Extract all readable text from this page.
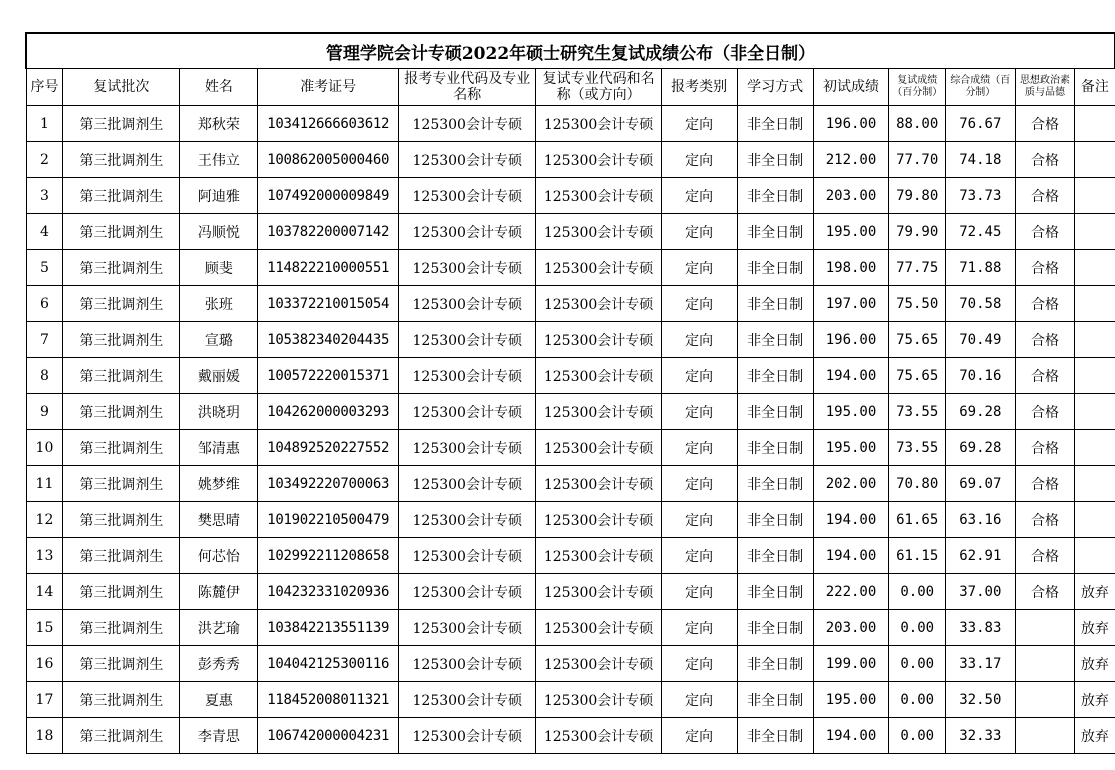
管理学院会计专硕2022年硕士研究生复试成绩公布（非全日制）												
序号	复试批次	姓名	准考证号	报考专业代码及专业名称	复试专业代码和名称（或方向）	报考类别	学习方式	初试成绩	复试成绩（百分制）	综合成绩（百分制）	思想政治素质与品德	备注
1	第三批调剂生	郑秋荣	103412666603612	125300会计专硕	125300会计专硕	定向	非全日制	196.00	88.00	76.67	合格	
2	第三批调剂生	王伟立	100862005000460	125300会计专硕	125300会计专硕	定向	非全日制	212.00	77.70	74.18	合格	
3	第三批调剂生	阿迪雅	107492000009849	125300会计专硕	125300会计专硕	定向	非全日制	203.00	79.80	73.73	合格	
4	第三批调剂生	冯顺悦	103782200007142	125300会计专硕	125300会计专硕	定向	非全日制	195.00	79.90	72.45	合格	
5	第三批调剂生	顾斐	114822210000551	125300会计专硕	125300会计专硕	定向	非全日制	198.00	77.75	71.88	合格	
6	第三批调剂生	张班	103372210015054	125300会计专硕	125300会计专硕	定向	非全日制	197.00	75.50	70.58	合格	
7	第三批调剂生	宣璐	105382340204435	125300会计专硕	125300会计专硕	定向	非全日制	196.00	75.65	70.49	合格	
8	第三批调剂生	戴丽媛	100572220015371	125300会计专硕	125300会计专硕	定向	非全日制	194.00	75.65	70.16	合格	
9	第三批调剂生	洪晓玥	104262000003293	125300会计专硕	125300会计专硕	定向	非全日制	195.00	73.55	69.28	合格	
10	第三批调剂生	邹清惠	104892520227552	125300会计专硕	125300会计专硕	定向	非全日制	195.00	73.55	69.28	合格	
11	第三批调剂生	姚梦维	103492220700063	125300会计专硕	125300会计专硕	定向	非全日制	202.00	70.80	69.07	合格	
12	第三批调剂生	樊思晴	101902210500479	125300会计专硕	125300会计专硕	定向	非全日制	194.00	61.65	63.16	合格	
13	第三批调剂生	何芯怡	102992211208658	125300会计专硕	125300会计专硕	定向	非全日制	194.00	61.15	62.91	合格	
14	第三批调剂生	陈麓伊	104232331020936	125300会计专硕	125300会计专硕	定向	非全日制	222.00	0.00	37.00	合格	放弃
15	第三批调剂生	洪艺瑜	103842213551139	125300会计专硕	125300会计专硕	定向	非全日制	203.00	0.00	33.83		放弃
16	第三批调剂生	彭秀秀	104042125300116	125300会计专硕	125300会计专硕	定向	非全日制	199.00	0.00	33.17		放弃
17	第三批调剂生	夏惠	118452008011321	125300会计专硕	125300会计专硕	定向	非全日制	195.00	0.00	32.50		放弃
18	第三批调剂生	李青思	106742000004231	125300会计专硕	125300会计专硕	定向	非全日制	194.00	0.00	32.33		放弃
